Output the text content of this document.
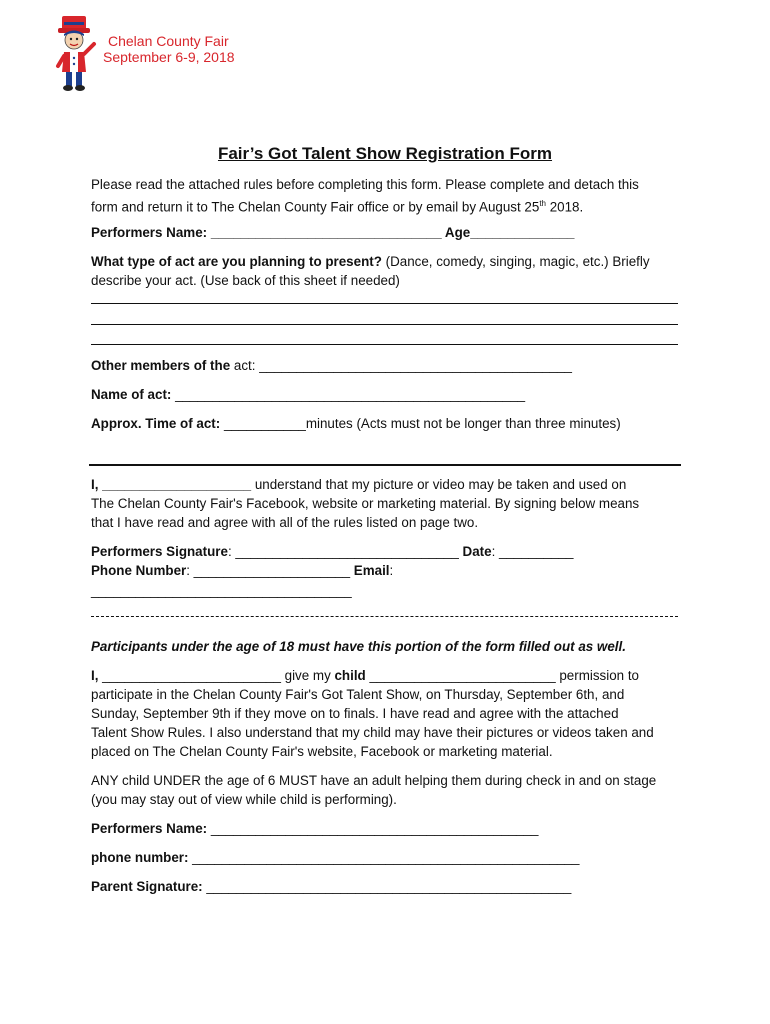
Chelan County Fair
September 6-9, 2018
Fair’s Got Talent Show Registration Form
Please read the attached rules before completing this form. Please complete and detach this
form and return it to The Chelan County Fair office or by email by August 25th 2018.
Performers Name: _______________________________ Age______________
What type of act are you planning to present? (Dance, comedy, singing, magic, etc.) Briefly
describe your act. (Use back of this sheet if needed)
Other members of the act: __________________________________________
Name of act: _______________________________________________
Approx. Time of act: ___________minutes (Acts must not be longer than three minutes)
I, ____________________ understand that my picture or video may be taken and used on
The Chelan County Fair's Facebook, website or marketing material. By signing below means
that I have read and agree with all of the rules listed on page two.
Performers Signature: ______________________________ Date: __________
Phone Number: _____________________ Email:
___________________________________
Participants under the age of 18 must have this portion of the form filled out as well.
I, ________________________ give my child _________________________ permission to
participate in the Chelan County Fair's Got Talent Show, on Thursday, September 6th, and
Sunday, September 9th if they move on to finals. I have read and agree with the attached
Talent Show Rules. I also understand that my child may have their pictures or videos taken and
placed on The Chelan County Fair's website, Facebook or marketing material.
ANY child UNDER the age of 6 MUST have an adult helping them during check in and on stage
(you may stay out of view while child is performing).
Performers Name: ____________________________________________
phone number: ____________________________________________________
Parent Signature: _________________________________________________
